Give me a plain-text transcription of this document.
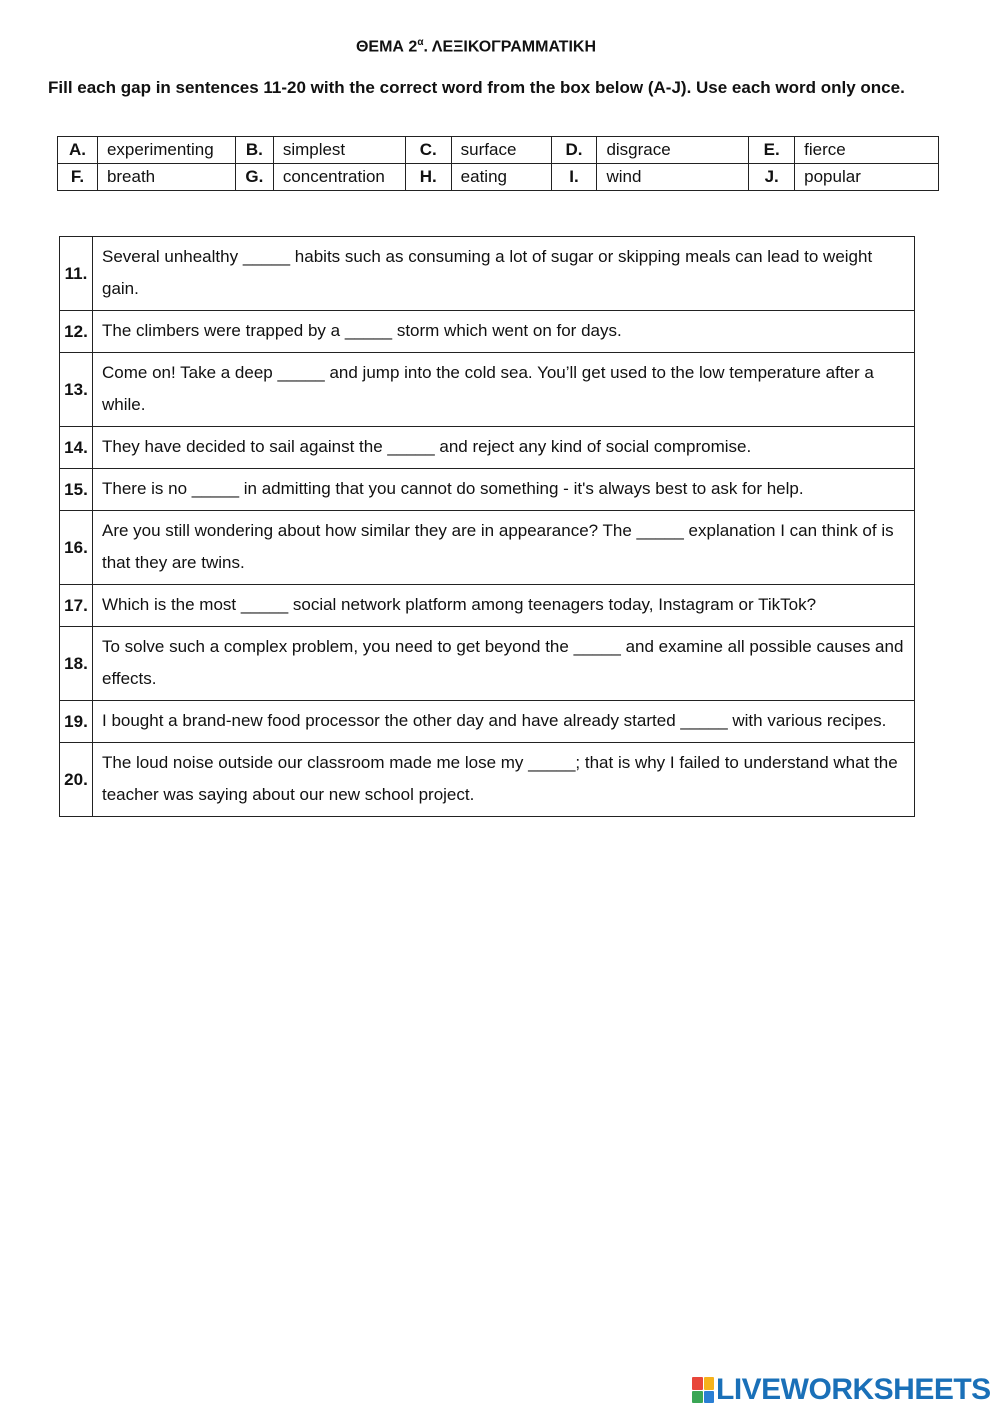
ΘΕΜΑ $2^\alpha$. ΛΕΞΙΚΟΓΡΑΜΜΑΤΙΚΗ
Fill each gap in sentences 11-20 with the correct word from the box below (A-J). Use each word only once.
A.	experimenting	B.	simplest	C.	surface	D.	disgrace	E.	fierce
F.	breath	G.	concentration	H.	eating	I.	wind	J.	popular
11.	Several unhealthy _____ habits such as consuming a lot of sugar or skipping meals can lead to weight gain.
12.	The climbers were trapped by a _____ storm which went on for days.
13.	Come on! Take a deep _____ and jump into the cold sea. You’ll get used to the low temperature after a while.
14.	They have decided to sail against the _____ and reject any kind of social compromise.
15.	There is no _____ in admitting that you cannot do something - it's always best to ask for help.
16.	Are you still wondering about how similar they are in appearance? The _____ explanation I can think of is that they are twins.
17.	Which is the most _____ social network platform among teenagers today, Instagram or TikTok?
18.	To solve such a complex problem, you need to get beyond the _____ and examine all possible causes and effects.
19.	I bought a brand-new food processor the other day and have already started _____ with various recipes.
20.	The loud noise outside our classroom made me lose my _____; that is why I failed to understand what the teacher was saying about our new school project.
LIVEWORKSHEETS
